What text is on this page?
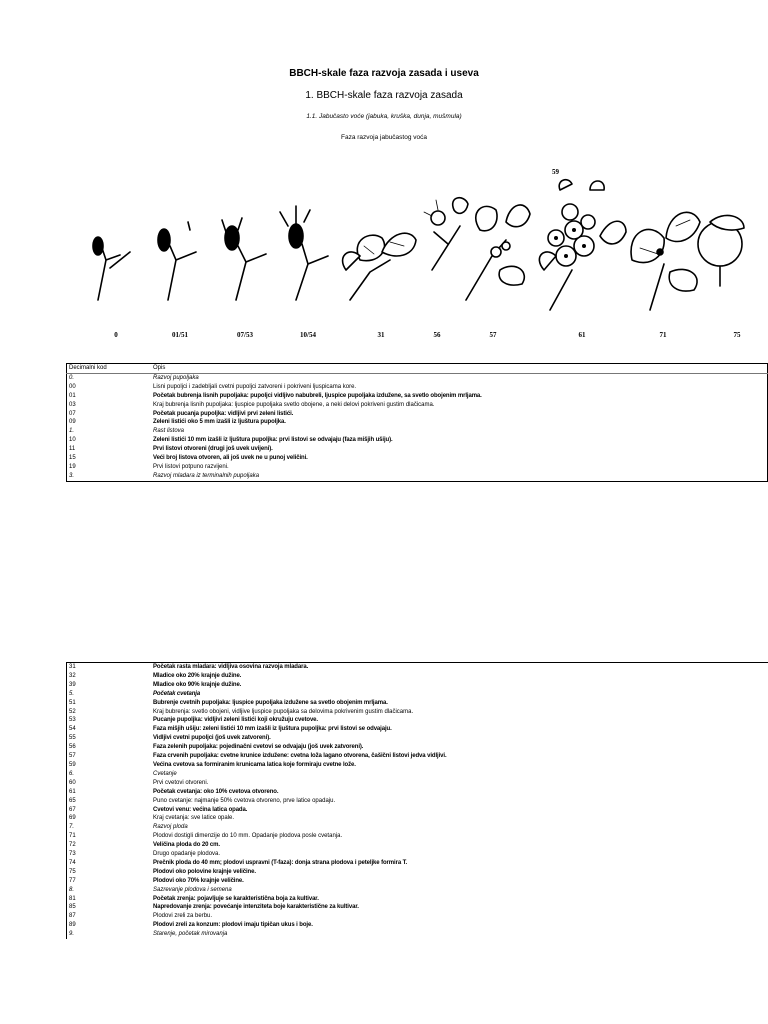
BBCH-skale faza razvoja zasada i useva
1. BBCH-skale faza razvoja zasada
1.1. Jabučasto voće (jabuka, kruška, dunja, mušmula)
Faza razvoja jabučastog voća
59
0	01/51	07/53	10/54	31	56	57	61	71	75
Decimalni kod	Opis
0.	Razvoj pupoljaka
00	Lisni pupoljci i zadebljali cvetni pupoljci zatvoreni i pokriveni ljuspicama kore.
01	Početak bubrenja lisnih pupoljaka: pupoljci vidljivo nabubreli, ljuspice pupoljaka izdužene, sa svetlo obojenim mrljama.
03	Kraj bubrenja lisnih pupoljaka: ljuspice pupoljaka svetlo obojene, a neki delovi pokriveni gustim dlačicama.
07	Početak pucanja pupoljka: vidljivi prvi zeleni listići.
09	Zeleni listići oko 5 mm izašli iz ljuštura pupoljka.
1.	Rast listova
10	Zeleni listići 10 mm izašli iz ljuštura pupoljka: prvi listovi se odvajaju (faza mišjih ušiju).
11	Prvi listovi otvoreni (drugi još uvek uvijeni).
15	Veći broj listova otvoren, ali još uvek ne u punoj veličini.
19	Prvi listovi potpuno razvijeni.
3.	Razvoj mladara iz terminalnih pupoljaka
31	Početak rasta mladara: vidljiva osovina razvoja mladara.
32	Mladice oko 20% krajnje dužine.
39	Mladice oko 90% krajnje dužine.
5.	Početak cvetanja
51	Bubrenje cvetnih pupoljaka: ljuspice pupoljaka izdužene sa svetlo obojenim mrljama.
52	Kraj bubrenja: svetlo obojeni, vidljive ljuspice pupoljaka sa delovima pokrivenim gustim dlačicama.
53	Pucanje pupoljka: vidljivi zeleni listići koji okružuju cvetove.
54	Faza mišjih ušiju: zeleni listići 10 mm izašli iz ljuštura pupoljka: prvi listovi se odvajaju.
55	Vidljivi cvetni pupoljci (još uvek zatvoreni).
56	Faza zelenih pupoljaka: pojedinačni cvetovi se odvajaju (još uvek zatvoreni).
57	Faza crvenih pupoljaka: cvetne krunice izdužene: cvetna loža lagano otvorena, čašični listovi jedva vidljivi.
59	Većina cvetova sa formiranim krunicama latica koje formiraju cvetne lože.
6.	Cvetanje
60	Prvi cvetovi otvoreni.
61	Početak cvetanja: oko 10% cvetova otvoreno.
65	Puno cvetanje: najmanje 50% cvetova otvoreno, prve latice opadaju.
67	Cvetovi venu: većina latica opada.
69	Kraj cvetanja: sve latice opale.
7.	Razvoj ploda
71	Plodovi dostigli dimenzije do 10 mm. Opadanje plodova posle cvetanja.
72	Veličina ploda do 20 cm.
73	Drugo opadanje plodova.
74	Prečnik ploda do 40 mm; plodovi uspravni (T-faza): donja strana plodova i peteljke formira T.
75	Plodovi oko polovine krajnje veličine.
77	Plodovi oko 70% krajnje veličine.
8.	Sazrevanje plodova i semena
81	Početak zrenja: pojavljuje se karakteristična boja za kultivar.
85	Napredovanje zrenja: povećanje intenziteta boje karakteristične za kultivar.
87	Plodovi zreli za berbu.
89	Plodovi zreli za konzum: plodovi imaju tipičan ukus i boje.
9.	Starenje, početak mirovanja
